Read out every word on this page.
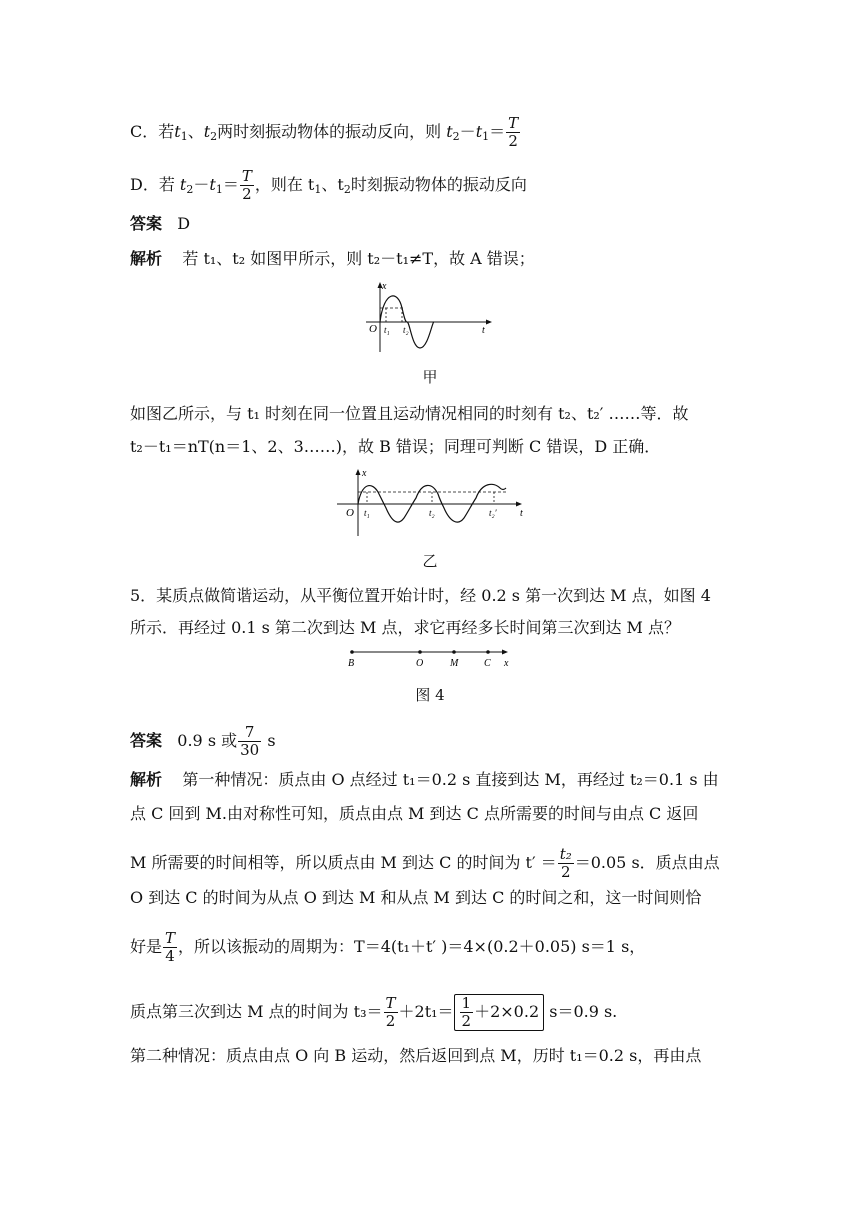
C．若$t_1$、$t_2$两时刻振动物体的振动反向，则 $t_2-t_1= \frac{T}{2}$
D．若 $t_2-t_1= \frac{T}{2}$ ，则在 $t_1$、$t_2$时刻振动物体的振动反向
答案 D
解析 若 t₁、t₂ 如图甲所示，则 t₂－t₁≠T，故 A 错误；
x
O t₁ t₂	t
甲
如图乙所示，与 t₁ 时刻在同一位置且运动情况相同的时刻有 t₂、t₂′ ……等．故
t₂－t₁＝nT(n＝1、2、3……)，故 B 错误；同理可判断 C 错误，D 正确．
x
O t₁	t₂	t₂′ t
乙
5．某质点做简谐运动，从平衡位置开始计时，经 0.2 s 第一次到达 M 点，如图 4
所示．再经过 0.1 s 第二次到达 M 点，求它再经多长时间第三次到达 M 点？
B	O	M	C x
图 4
答案 0.9 s 或 $\frac{7}{30}$ s
解析 第一种情况：质点由 O 点经过 t₁＝0.2 s 直接到达 M，再经过 t₂＝0.1 s 由
点 C 回到 M.由对称性可知，质点由点 M 到达 C 点所需要的时间与由点 C 返回
M 所需要的时间相等，所以质点由 M 到达 C 的时间为 $t' = \frac{\text{t₂}}{2} =0.05$ s．质点由点
O 到达 C 的时间为从点 O 到达 M 和从点 M 到达 C 的时间之和，这一时间则恰
好是 $\frac{T}{4}$ ，所以该振动的周期为：T＝4(t₁＋t′ )＝4×(0.2＋0.05) s＝1 s，
质点第三次到达 M 点的时间为 $t_3= \frac{T}{2} +2t_1= \frac{1}{2} +2\times 0.2$ s＝0.9 s.
第二种情况：质点由点 O 向 B 运动，然后返回到点 M，历时 t₁＝0.2 s，再由点
